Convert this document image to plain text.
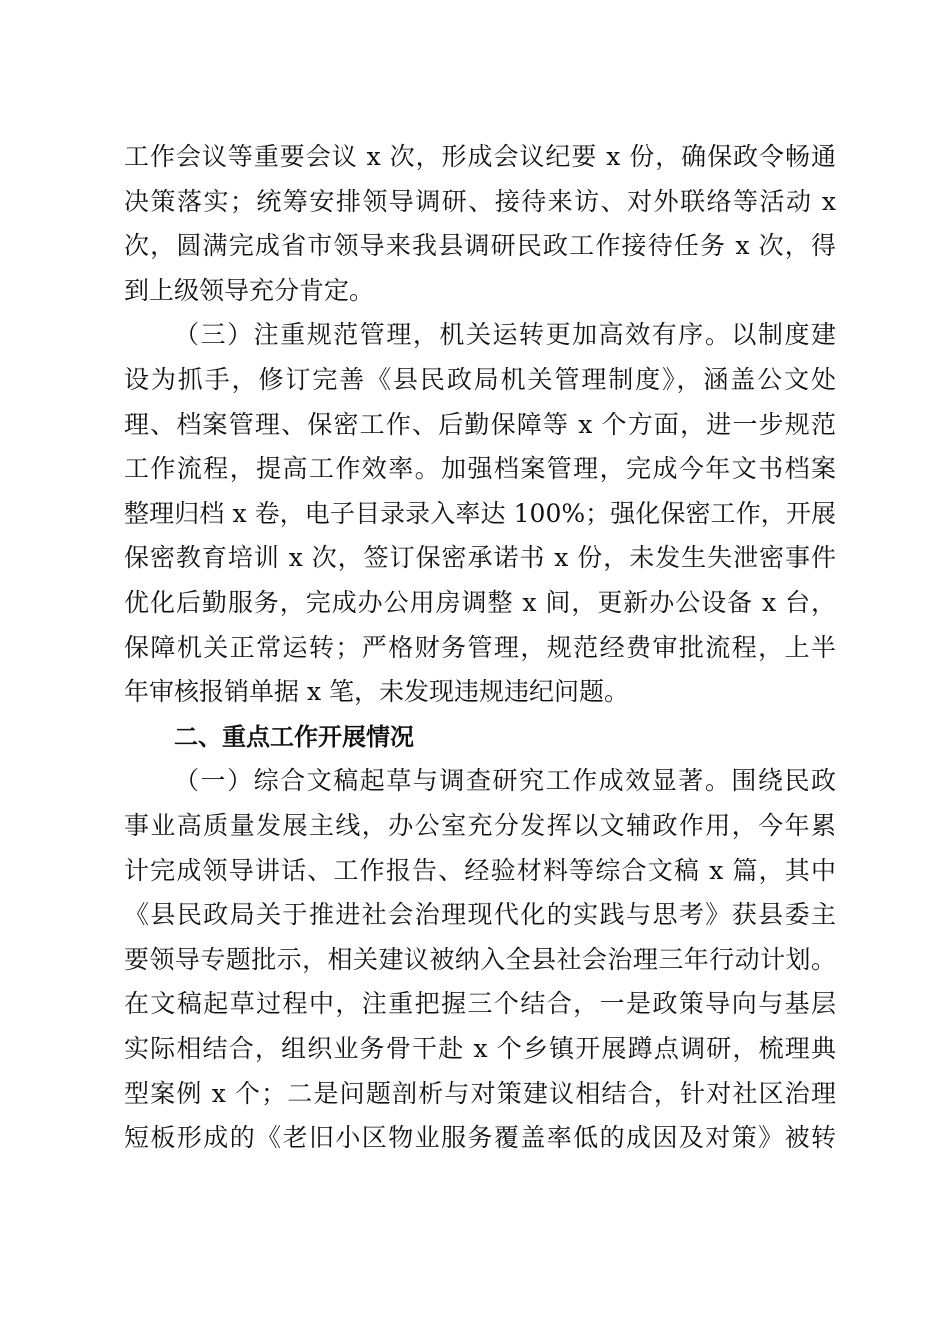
工作会议等重要会议 x 次，形成会议纪要 x 份，确保政令畅通
决策落实；统筹安排领导调研、接待来访、对外联络等活动 x
次，圆满完成省市领导来我县调研民政工作接待任务 x 次，得
到上级领导充分肯定。
（三）注重规范管理，机关运转更加高效有序。以制度建
设为抓手，修订完善《县民政局机关管理制度》，涵盖公文处
理、档案管理、保密工作、后勤保障等 x 个方面，进一步规范
工作流程，提高工作效率。加强档案管理，完成今年文书档案
整理归档 x 卷，电子目录录入率达 100%；强化保密工作，开展
保密教育培训 x 次，签订保密承诺书 x 份，未发生失泄密事件
优化后勤服务，完成办公用房调整 x 间，更新办公设备 x 台，
保障机关正常运转；严格财务管理，规范经费审批流程，上半
年审核报销单据 x 笔，未发现违规违纪问题。
二、重点工作开展情况
（一）综合文稿起草与调查研究工作成效显著。围绕民政
事业高质量发展主线，办公室充分发挥以文辅政作用，今年累
计完成领导讲话、工作报告、经验材料等综合文稿 x 篇，其中
《县民政局关于推进社会治理现代化的实践与思考》获县委主
要领导专题批示，相关建议被纳入全县社会治理三年行动计划。
在文稿起草过程中，注重把握三个结合，一是政策导向与基层
实际相结合，组织业务骨干赴 x 个乡镇开展蹲点调研，梳理典
型案例 x 个；二是问题剖析与对策建议相结合，针对社区治理
短板形成的《老旧小区物业服务覆盖率低的成因及对策》被转
